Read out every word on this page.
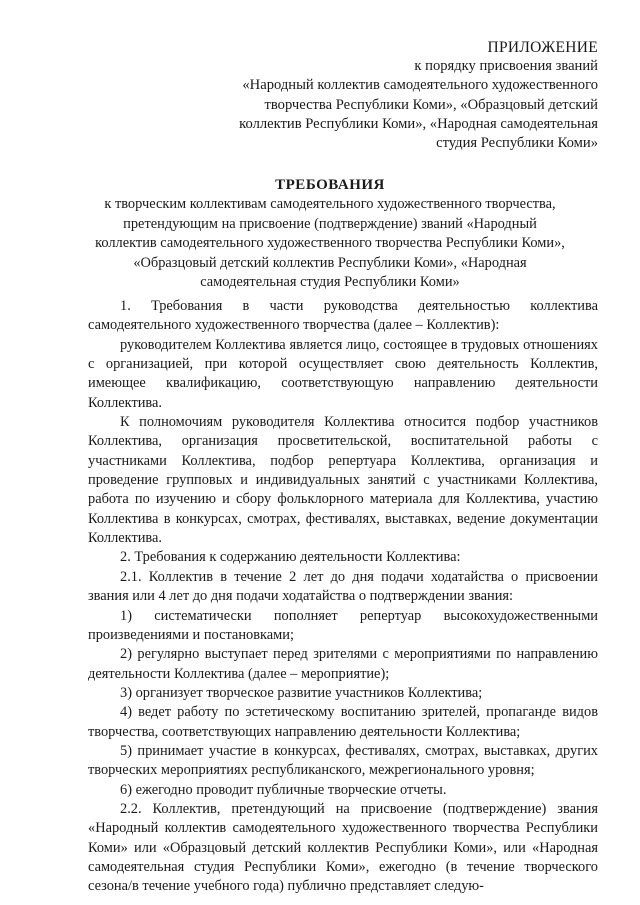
ПРИЛОЖЕНИЕ
к порядку присвоения званий
«Народный коллектив самодеятельного художественного
творчества Республики Коми», «Образцовый детский
коллектив Республики Коми», «Народная самодеятельная
студия Республики Коми»
ТРЕБОВАНИЯ
к творческим коллективам самодеятельного художественного творчества,
претендующим на присвоение (подтверждение) званий «Народный
коллектив самодеятельного художественного творчества Республики Коми»,
«Образцовый детский коллектив Республики Коми», «Народная
самодеятельная студия Республики Коми»

1. Требования в части руководства деятельностью коллектива самодеятельного художественного творчества (далее – Коллектив):

руководителем Коллектива является лицо, состоящее в трудовых отношениях с организацией, при которой осуществляет свою деятельность Коллектив, имеющее квалификацию, соответствующую направлению деятельности Коллектива.

К полномочиям руководителя Коллектива относится подбор участников Коллектива, организация просветительской, воспитательной работы с участниками Коллектива, подбор репертуара Коллектива, организация и проведение групповых и индивидуальных занятий с участниками Коллектива, работа по изучению и сбору фольклорного материала для Коллектива, участию Коллектива в конкурсах, смотрах, фестивалях, выставках, ведение документации Коллектива.

2. Требования к содержанию деятельности Коллектива:

2.1. Коллектив в течение 2 лет до дня подачи ходатайства о присвоении звания или 4 лет до дня подачи ходатайства о подтверждении звания:

1) систематически пополняет репертуар высокохудожественными произведениями и постановками;

2) регулярно выступает перед зрителями с мероприятиями по направлению деятельности Коллектива (далее – мероприятие);

3) организует творческое развитие участников Коллектива;

4) ведет работу по эстетическому воспитанию зрителей, пропаганде видов творчества, соответствующих направлению деятельности Коллектива;

5) принимает участие в конкурсах, фестивалях, смотрах, выставках, других творческих мероприятиях республиканского, межрегионального уровня;

6) ежегодно проводит публичные творческие отчеты.

2.2. Коллектив, претендующий на присвоение (подтверждение) звания «Народный коллектив самодеятельного художественного творчества Республики Коми» или «Образцовый детский коллектив Республики Коми», или «Народная самодеятельная студия Республики Коми», ежегодно (в течение творческого сезона/в течение учебного года) публично представляет следую-
